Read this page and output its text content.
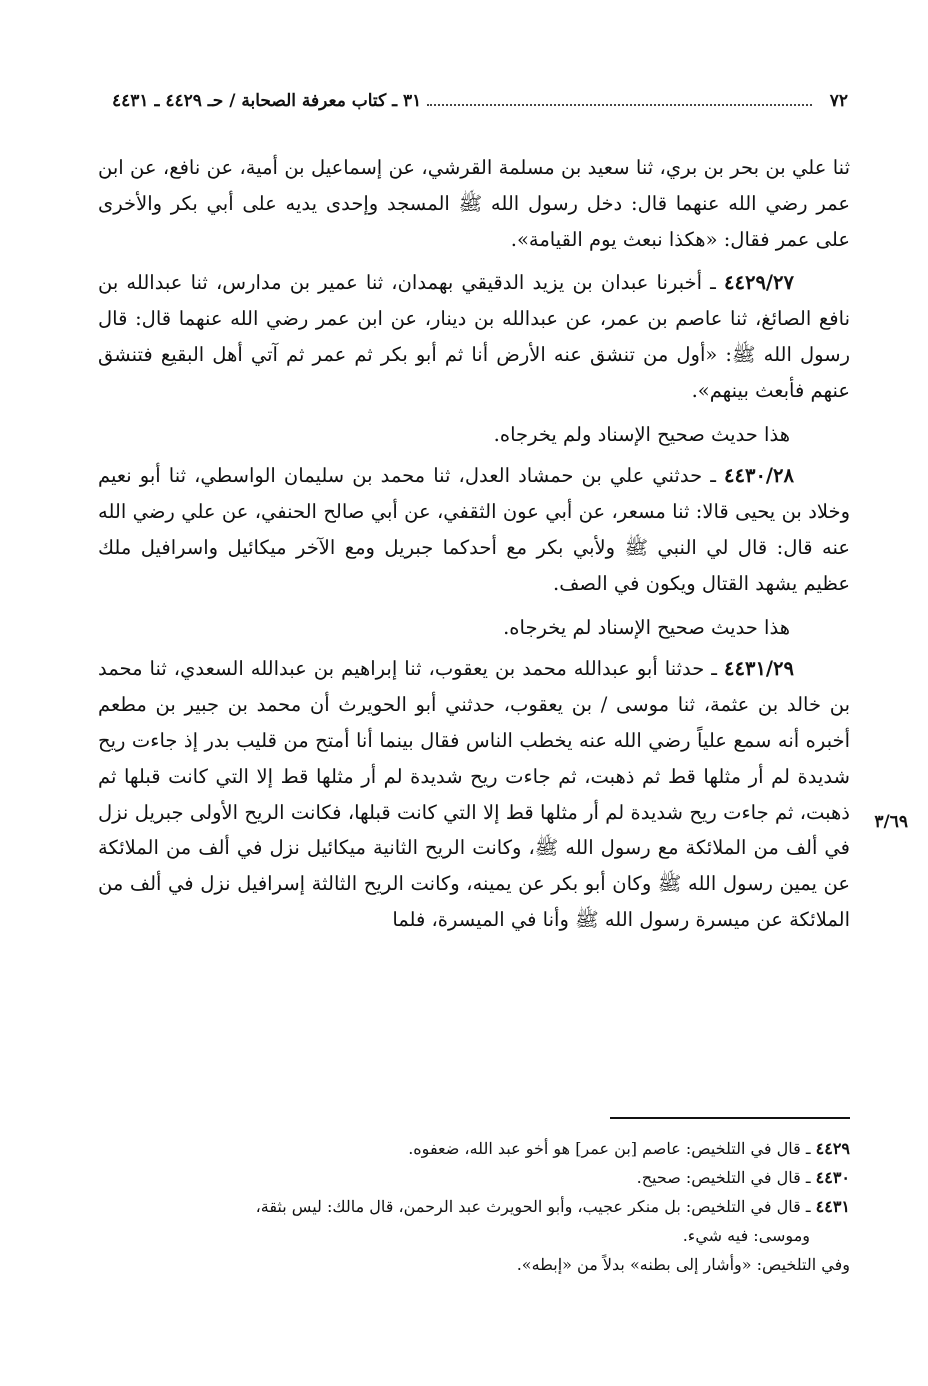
٧٢
٣١ ـ كتاب معرفة الصحابة / حـ ٤٤٢٩ ـ ٤٤٣١
٣/٦٩

ثنا علي بن بحر بن بري، ثنا سعيد بن مسلمة القرشي، عن إسماعيل بن أمية، عن نافع، عن ابن عمر رضي الله عنهما قال: دخل رسول الله ﷺ المسجد وإحدى يديه على أبي بكر والأخرى على عمر فقال: «هكذا نبعث يوم القيامة».

٤٤٢٩/٢٧ ـ أخبرنا عبدان بن يزيد الدقيقي بهمدان، ثنا عمير بن مدارس، ثنا عبدالله بن نافع الصائغ، ثنا عاصم بن عمر، عن عبدالله بن دينار، عن ابن عمر رضي الله عنهما قال: قال رسول الله ﷺ: «أول من تنشق عنه الأرض أنا ثم أبو بكر ثم عمر ثم آتي أهل البقيع فتنشق عنهم فأبعث بينهم».

هذا حديث صحيح الإسناد ولم يخرجاه.

٤٤٣٠/٢٨ ـ حدثني علي بن حمشاد العدل، ثنا محمد بن سليمان الواسطي، ثنا أبو نعيم وخلاد بن يحيى قالا: ثنا مسعر، عن أبي عون الثقفي، عن أبي صالح الحنفي، عن علي رضي الله عنه قال: قال لي النبي ﷺ ولأبي بكر مع أحدكما جبريل ومع الآخر ميكائيل واسرافيل ملك عظيم يشهد القتال ويكون في الصف.

هذا حديث صحيح الإسناد لم يخرجاه.

٤٤٣١/٢٩ ـ حدثنا أبو عبدالله محمد بن يعقوب، ثنا إبراهيم بن عبدالله السعدي، ثنا محمد بن خالد بن عثمة، ثنا موسى / بن يعقوب، حدثني أبو الحويرث أن محمد بن جبير بن مطعم أخبره أنه سمع علياً رضي الله عنه يخطب الناس فقال بينما أنا أمتح من قليب بدر إذ جاءت ريح شديدة لم أر مثلها قط ثم ذهبت، ثم جاءت ريح شديدة لم أر مثلها قط إلا التي كانت قبلها ثم ذهبت، ثم جاءت ريح شديدة لم أر مثلها قط إلا التي كانت قبلها، فكانت الريح الأولى جبريل نزل في ألف من الملائكة مع رسول الله ﷺ، وكانت الريح الثانية ميكائيل نزل في ألف من الملائكة عن يمين رسول الله ﷺ وكان أبو بكر عن يمينه، وكانت الريح الثالثة إسرافيل نزل في ألف من الملائكة عن ميسرة رسول الله ﷺ وأنا في الميسرة، فلما

٤٤٢٩ ـ قال في التلخيص: عاصم [بن عمر] هو أخو عبد الله، ضعفوه.

٤٤٣٠ ـ قال في التلخيص: صحيح.

٤٤٣١ ـ قال في التلخيص: بل منكر عجيب، وأبو الحويرث عبد الرحمن، قال مالك: ليس بثقة،

وموسى: فيه شيء.

وفي التلخيص: «وأشار إلى بطنه» بدلاً من «إبطه».
